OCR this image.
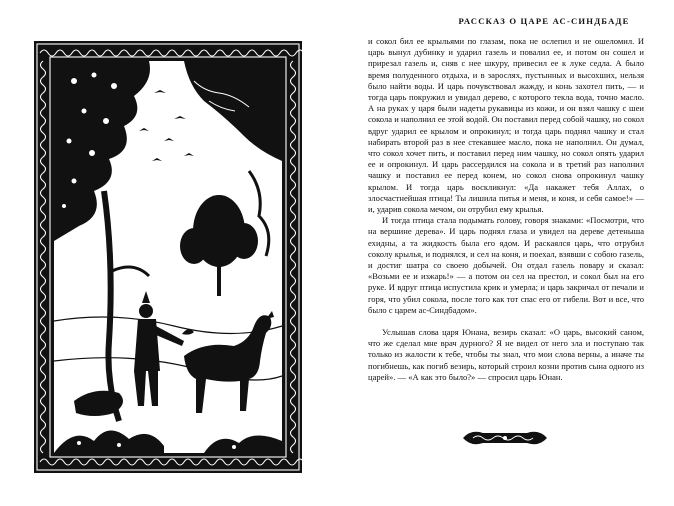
РАССКАЗ О ЦАРЕ АС-СИНДБАДЕ

и сокол бил ее крыльями по глазам, пока не ослепил и не ошеломил. И царь вынул дубинку и ударил газель и повалил ее, и потом он сошел и прирезал газель и, сняв с нее шкуру, привесил ее к луке седла. А было время полуденного отдыха, и в зарослях, пустынных и высохших, нельзя было найти воды. И царь почувствовал жажду, и конь захотел пить, — и тогда царь покружил и увидал дерево, с которого текла вода, точно масло. А на руках у царя были надеты рукавицы из кожи, и он взял чашку с шеи сокола и наполнил ее этой водой. Он поставил перед собой чашку, но сокол вдруг ударил ее крылом и опрокинул; и тогда царь поднял чашку и стал набирать второй раз в нее стекавшее масло, пока не наполнил. Он думал, что сокол хочет пить, и поставил перед ним чашку, но сокол опять ударил ее и опрокинул. И царь рассердился на сокола и в третий раз наполнил чашку и поставил ее перед конем, но сокол снова опрокинул чашку крылом. И тогда царь воскликнул: «Да накажет тебя Аллах, о злосчастнейшая птица! Ты лишила питья и меня, и коня, и себя самое!» — и, ударив сокола мечом, он отрубил ему крылья.

И тогда птица стала подымать голову, говоря знаками: «Посмотри, что на вершине дерева». И царь поднял глаза и увидел на дереве детеныша ехидны, а та жидкость была его ядом. И раскаялся царь, что отрубил соколу крылья, и поднялся, и сел на коня, и поехал, взявши с собою газель, и достиг шатра со своею добычей. Он отдал газель повару и сказал: «Возьми ее и изжарь!» — а потом он сел на престол, и сокол был на его руке. И вдруг птица испустила крик и умерла; и царь закричал от печали и горя, что убил сокола, после того как тот спас его от гибели. Вот и все, что было с царем ас-Синдбадом».

Услышав слова царя Юнана, везирь сказал: «О царь, высокий саном, что же сделал мне врач дурного? Я не видел от него зла и поступаю так только из жалости к тебе, чтобы ты знал, что мои слова верны, а иначе ты погибнешь, как погиб везирь, который строил козни против сына одного из царей». — «А как это было?» — спросил царь Юнан.
